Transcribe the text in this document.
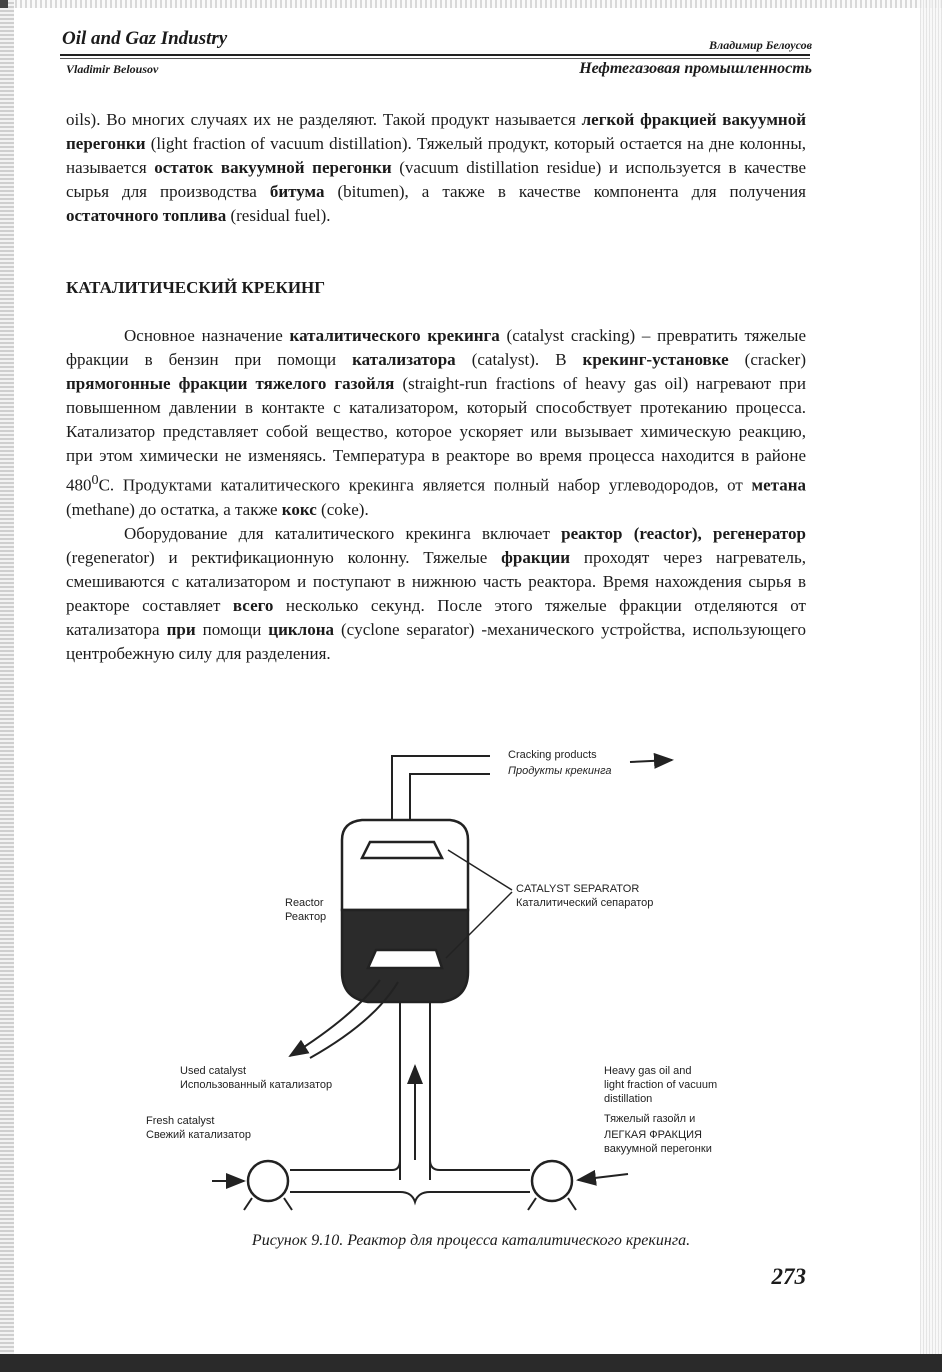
Oil and Gaz Industry	Владимир Белоусов
Vladimir Belousov	Нефтегазовая промышленность

oils). Во многих случаях их не разделяют. Такой продукт называется легкой фракцией вакуумной перегонки (light fraction of vacuum distillation). Тяжелый продукт, который остается на дне колонны, называется остаток вакуумной перегонки (vacuum distillation residue) и используется в качестве сырья для производства битума (bitumen), а также в качестве компонента для получения остаточного топлива (residual fuel).

КАТАЛИТИЧЕСКИЙ КРЕКИНГ

Основное назначение каталитического крекинга (catalyst cracking) – превратить тяжелые фракции в бензин при помощи катализатора (catalyst). В крекинг-установке (cracker) прямогонные фракции тяжелого газойля (straight-run fractions of heavy gas oil) нагревают при повышенном давлении в контакте с катализатором, который способствует протеканию процесса. Катализатор представляет собой вещество, которое ускоряет или вызывает химическую реакцию, при этом химически не изменяясь. Температура в реакторе во время процесса находится в районе $480^0С$. Продуктами каталитического крекинга является полный набор углеводородов, от метана (methane) до остатка, а также кокс (coke).

Оборудование для каталитического крекинга включает реактор (reactor), регенератор (regenerator) и ректификационную колонну. Тяжелые фракции проходят через нагреватель, смешиваются с катализатором и поступают в нижнюю часть реактора. Время нахождения сырья в реакторе составляет всего несколько секунд. После этого тяжелые фракции отделяются от катализатора при помощи циклона (cyclone separator) -механического устройства, использующего центробежную силу для разделения.

Cracking products
Продукты крекинга
Reactor
Реактор
CATALYST SEPARATOR
Каталитический сепаратор
Used catalyst
Использованный катализатор
Fresh catalyst
Свежий катализатор
Heavy gas oil and
light fraction of vacuum
distillation
Тяжелый газойл и
ЛЕГКАЯ ФРАКЦИЯ
вакуумной перегонки
Рисунок 9.10. Реактор для процесса каталитического крекинга.
273
